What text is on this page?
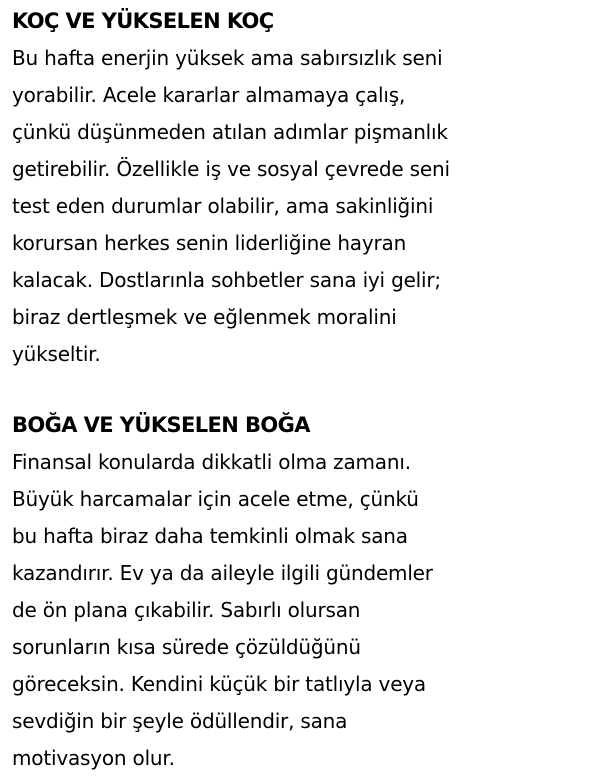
KOÇ VE YÜKSELEN KOÇ

Bu hafta enerjin yüksek ama sabırsızlık seni
yorabilir. Acele kararlar almamaya çalış,
çünkü düşünmeden atılan adımlar pişmanlık
getirebilir. Özellikle iş ve sosyal çevrede seni
test eden durumlar olabilir, ama sakinliğini
korursan herkes senin liderliğine hayran
kalacak. Dostlarınla sohbetler sana iyi gelir;
biraz dertleşmek ve eğlenmek moralini
yükseltir.

BOĞA VE YÜKSELEN BOĞA

Finansal konularda dikkatli olma zamanı.
Büyük harcamalar için acele etme, çünkü
bu hafta biraz daha temkinli olmak sana
kazandırır. Ev ya da aileyle ilgili gündemler
de ön plana çıkabilir. Sabırlı olursan
sorunların kısa sürede çözüldüğünü
göreceksin. Kendini küçük bir tatlıyla veya
sevdiğin bir şeyle ödüllendir, sana
motivasyon olur.
